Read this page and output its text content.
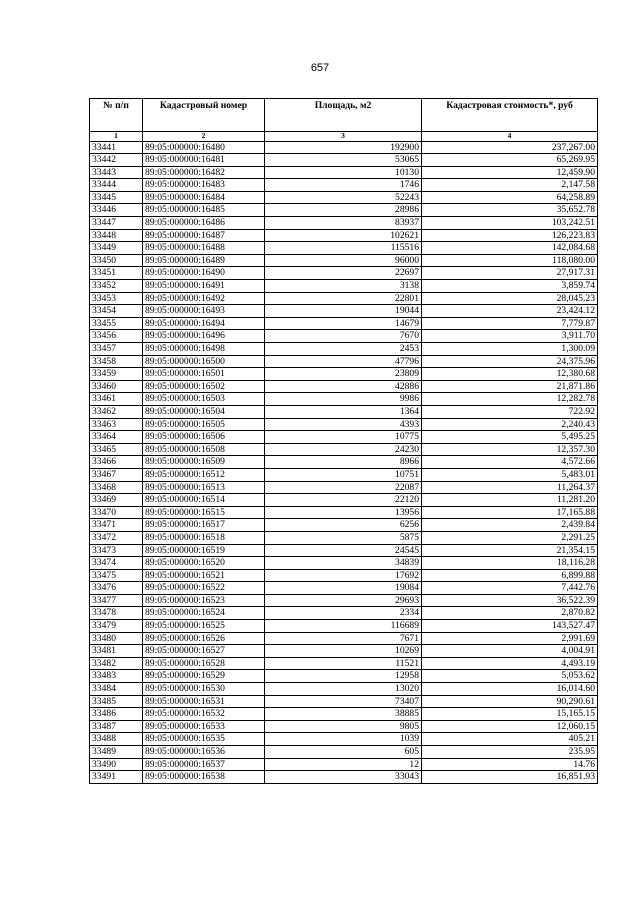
657
№ п/п	Кадастровый номер	Площадь, м2	Кадастровая стоимость*, руб
1	2	3	4
33441	89:05:000000:16480	192900	237,267.00
33442	89:05:000000:16481	53065	65,269.95
33443	89:05:000000:16482	10130	12,459.90
33444	89:05:000000:16483	1746	2,147.58
33445	89:05:000000:16484	52243	64,258.89
33446	89:05:000000:16485	28986	35,652.78
33447	89:05:000000:16486	83937	103,242.51
33448	89:05:000000:16487	102621	126,223.83
33449	89:05:000000:16488	115516	142,084.68
33450	89:05:000000:16489	96000	118,080.00
33451	89:05:000000:16490	22697	27,917.31
33452	89:05:000000:16491	3138	3,859.74
33453	89:05:000000:16492	22801	28,045.23
33454	89:05:000000:16493	19044	23,424.12
33455	89:05:000000:16494	14679	7,779.87
33456	89:05:000000:16496	7670	3,911.70
33457	89:05:000000:16498	2453	1,300.09
33458	89:05:000000:16500	47796	24,375.96
33459	89:05:000000:16501	23809	12,380.68
33460	89:05:000000:16502	42886	21,871.86
33461	89:05:000000:16503	9986	12,282.78
33462	89:05:000000:16504	1364	722.92
33463	89:05:000000:16505	4393	2,240.43
33464	89:05:000000:16506	10775	5,495.25
33465	89:05:000000:16508	24230	12,357.30
33466	89:05:000000:16509	8966	4,572.66
33467	89:05:000000:16512	10751	5,483.01
33468	89:05:000000:16513	22087	11,264.37
33469	89:05:000000:16514	22120	11,281.20
33470	89:05:000000:16515	13956	17,165.88
33471	89:05:000000:16517	6256	2,439.84
33472	89:05:000000:16518	5875	2,291.25
33473	89:05:000000:16519	24545	21,354.15
33474	89:05:000000:16520	34839	18,116.28
33475	89:05:000000:16521	17692	6,899.88
33476	89:05:000000:16522	19084	7,442.76
33477	89:05:000000:16523	29693	36,522.39
33478	89:05:000000:16524	2334	2,870.82
33479	89:05:000000:16525	116689	143,527.47
33480	89:05:000000:16526	7671	2,991.69
33481	89:05:000000:16527	10269	4,004.91
33482	89:05:000000:16528	11521	4,493.19
33483	89:05:000000:16529	12958	5,053.62
33484	89:05:000000:16530	13020	16,014.60
33485	89:05:000000:16531	73407	90,290.61
33486	89:05:000000:16532	38885	15,165.15
33487	89:05:000000:16533	9805	12,060.15
33488	89:05:000000:16535	1039	405.21
33489	89:05:000000:16536	605	235.95
33490	89:05:000000:16537	12	14.76
33491	89:05:000000:16538	33043	16,851.93
